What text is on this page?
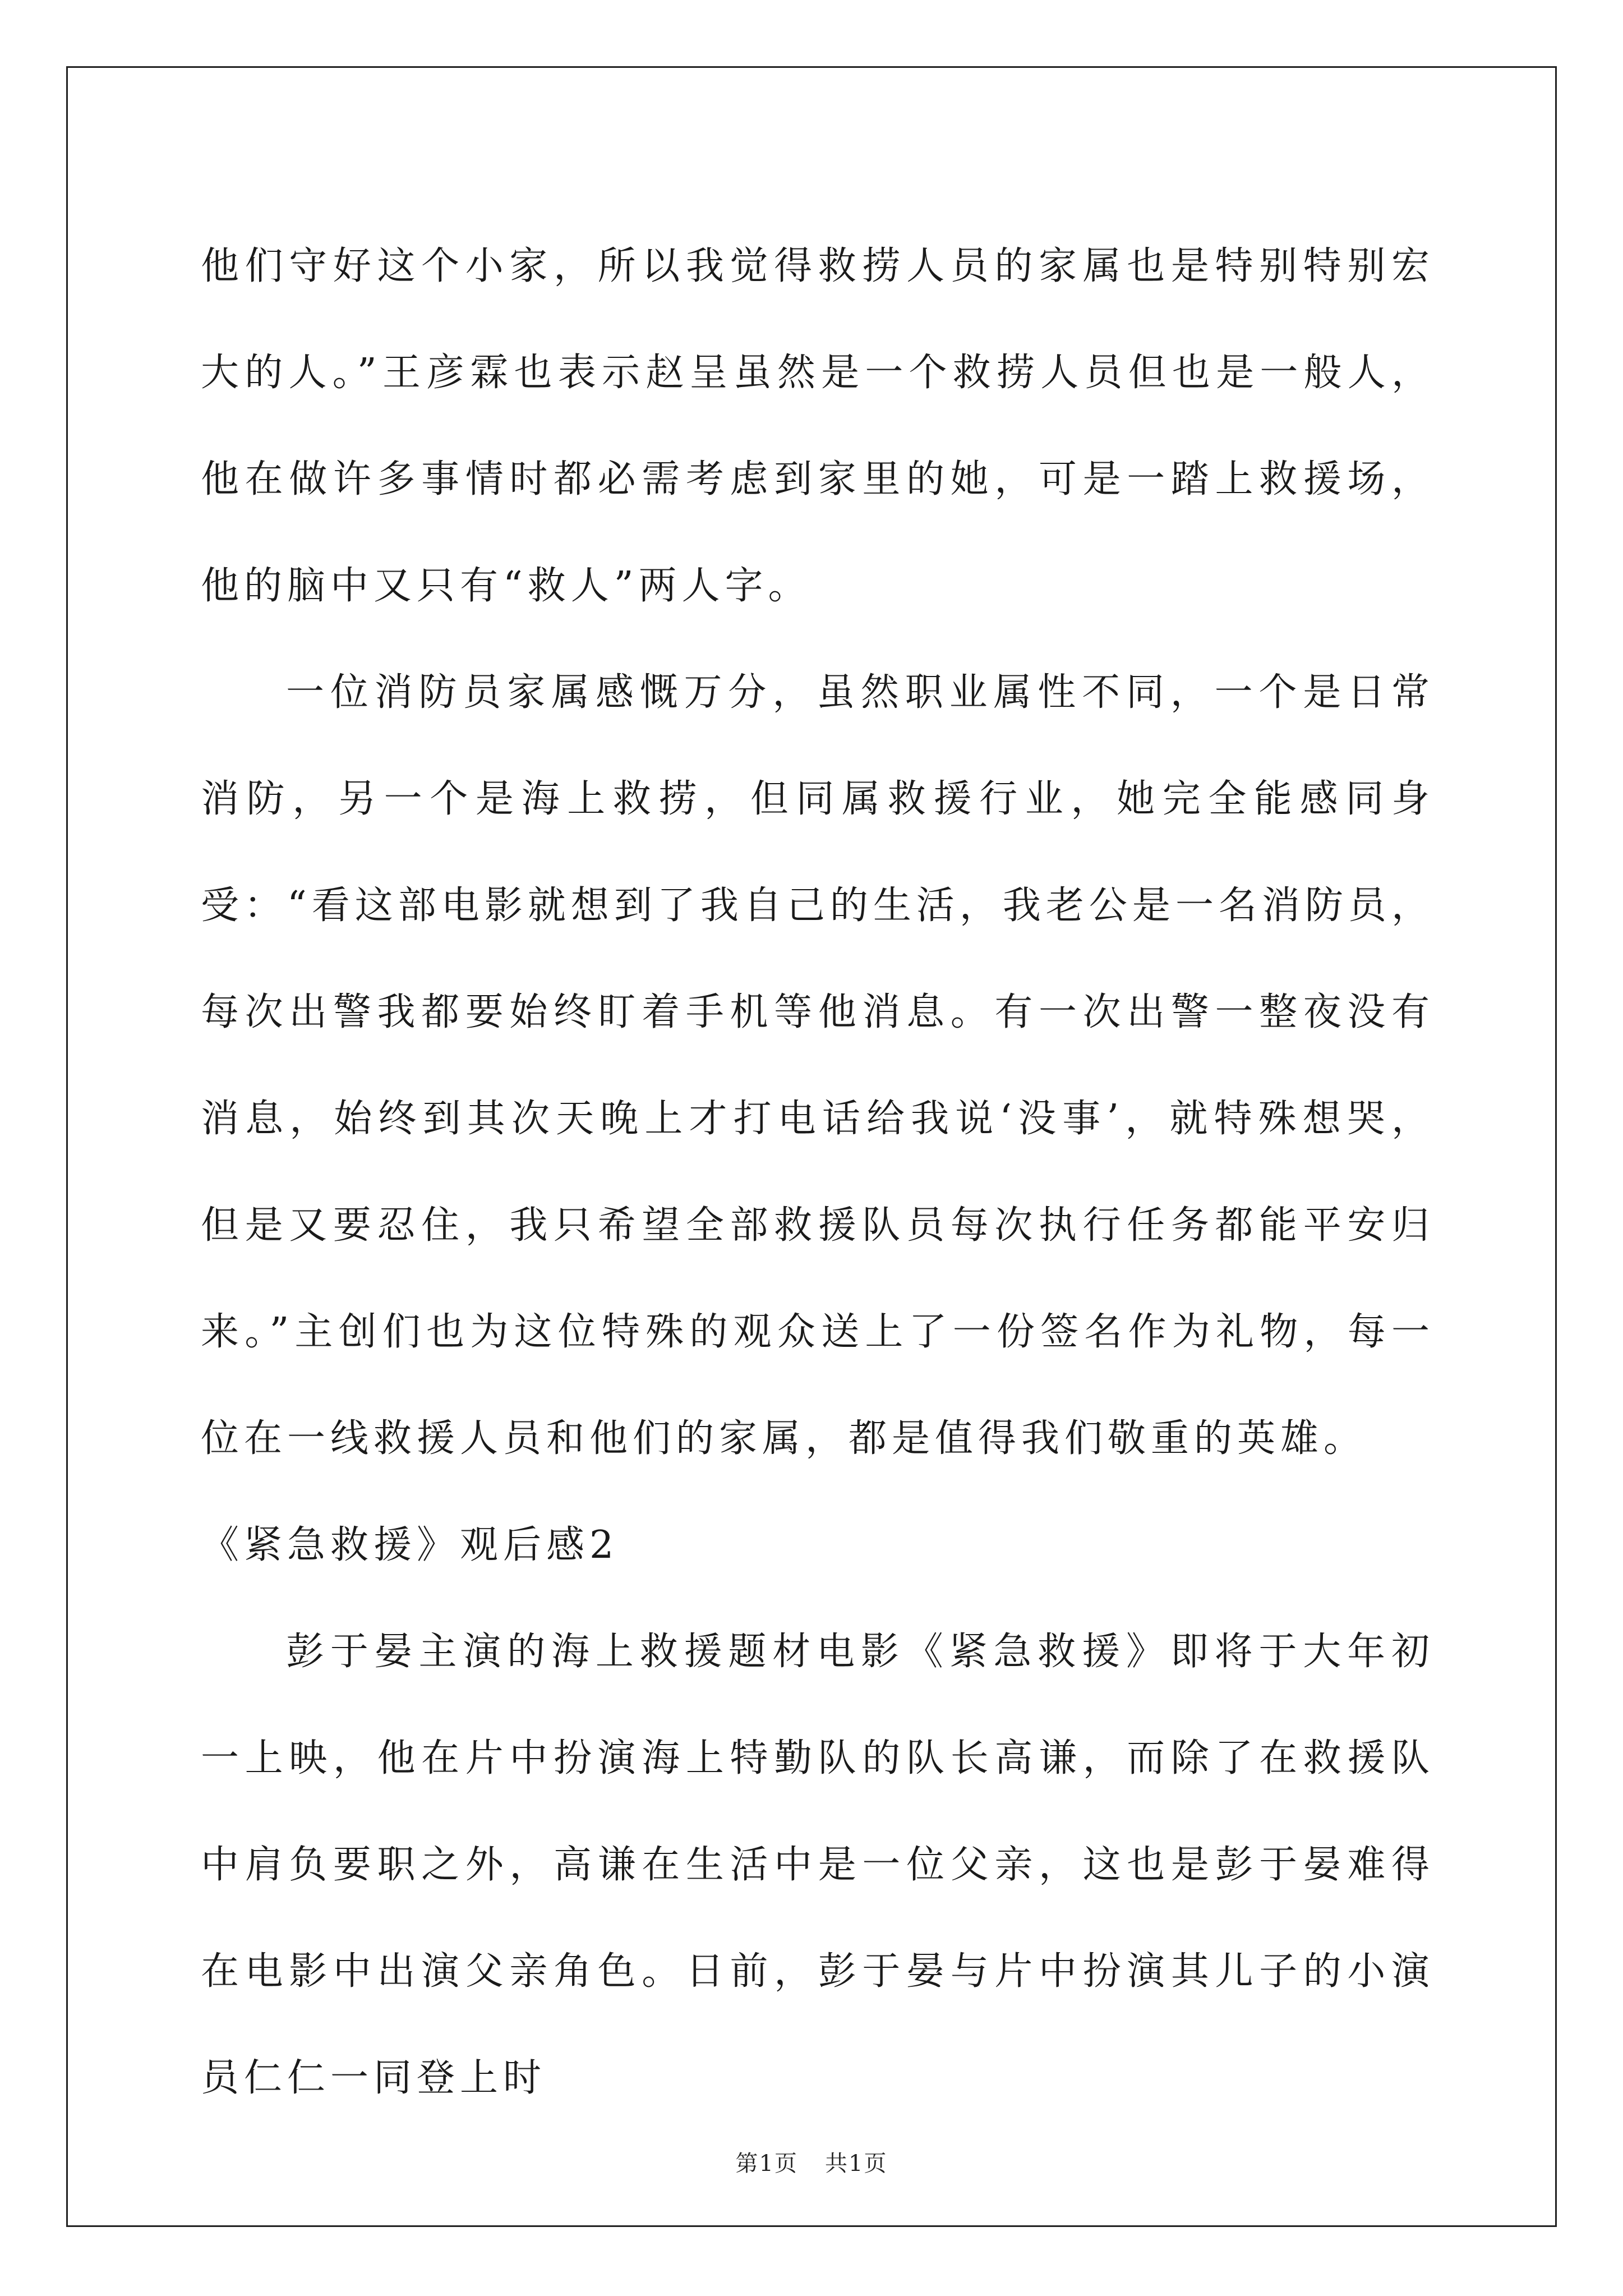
他们守好这个小家，所以我觉得救捞人员的家属也是特别特别宏大的人。”王彦霖也表示赵呈虽然是一个救捞人员但也是一般人，他在做许多事情时都必需考虑到家里的她，可是一踏上救援场，他的脑中又只有“救人”两人字。

一位消防员家属感慨万分，虽然职业属性不同，一个是日常消防，另一个是海上救捞，但同属救援行业，她完全能感同身受：“看这部电影就想到了我自己的生活，我老公是一名消防员，每次出警我都要始终盯着手机等他消息。有一次出警一整夜没有消息，始终到其次天晚上才打电话给我说‘没事’，就特殊想哭，但是又要忍住，我只希望全部救援队员每次执行任务都能平安归来。”主创们也为这位特殊的观众送上了一份签名作为礼物，每一位在一线救援人员和他们的家属，都是值得我们敬重的英雄。

《紧急救援》观后感2

彭于晏主演的海上救援题材电影《紧急救援》即将于大年初一上映，他在片中扮演海上特勤队的队长高谦，而除了在救援队中肩负要职之外，高谦在生活中是一位父亲，这也是彭于晏难得在电影中出演父亲角色。日前，彭于晏与片中扮演其儿子的小演员仁仁一同登上时

第1页 共1页
